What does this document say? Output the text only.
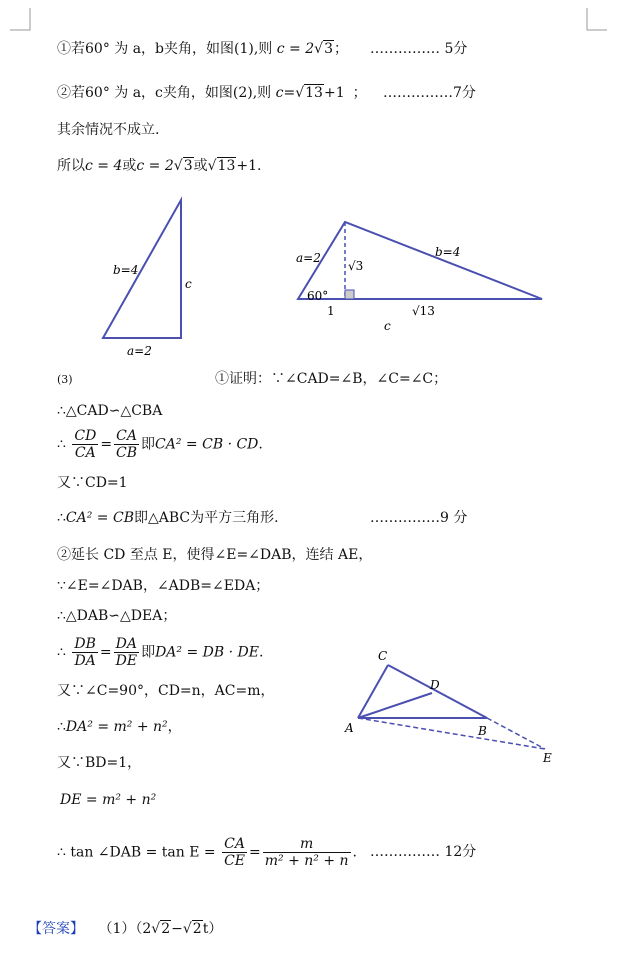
①若60° 为 a，b夹角，如图(1),则 c = 2√3； …………… 5分
②若60° 为 a，c夹角，如图(2),则 c=√13+1 ； ……………7分
其余情况不成立.
所以c = 4或c = 2√3或√13+1.
b=4
c
a=2
a=2	b=4
√3
60°
1	√13
c
(3)	①证明：∵∠CAD=∠B，∠C=∠C；
∴△CAD∽△CBA
∴ $\frac{CD}{CA} = \frac{CA}{CB}$ 即CA² = CB · CD.
又∵CD=1
∴CA² = CB即△ABC为平方三角形.	……………9 分
②延长 CD 至点 E，使得∠E=∠DAB，连结 AE，
∵∠E=∠DAB，∠ADB=∠EDA；
∴△DAB∽△DEA；
∴ $\frac{DB}{DA} = \frac{DA}{DE}$ 即DA² = DB · DE.
又∵∠C=90°，CD=n，AC=m，
∴DA² = m² + n²，
又∵BD=1，
DE = m² + n²
∴ tan ∠DAB = $\tan E = \frac{CA}{CE} = \frac{m}{\text{m² + n² + n}}$ . …………… 12分
C
D
A	B
E
【答案】 （1）（2√2−√2t）
